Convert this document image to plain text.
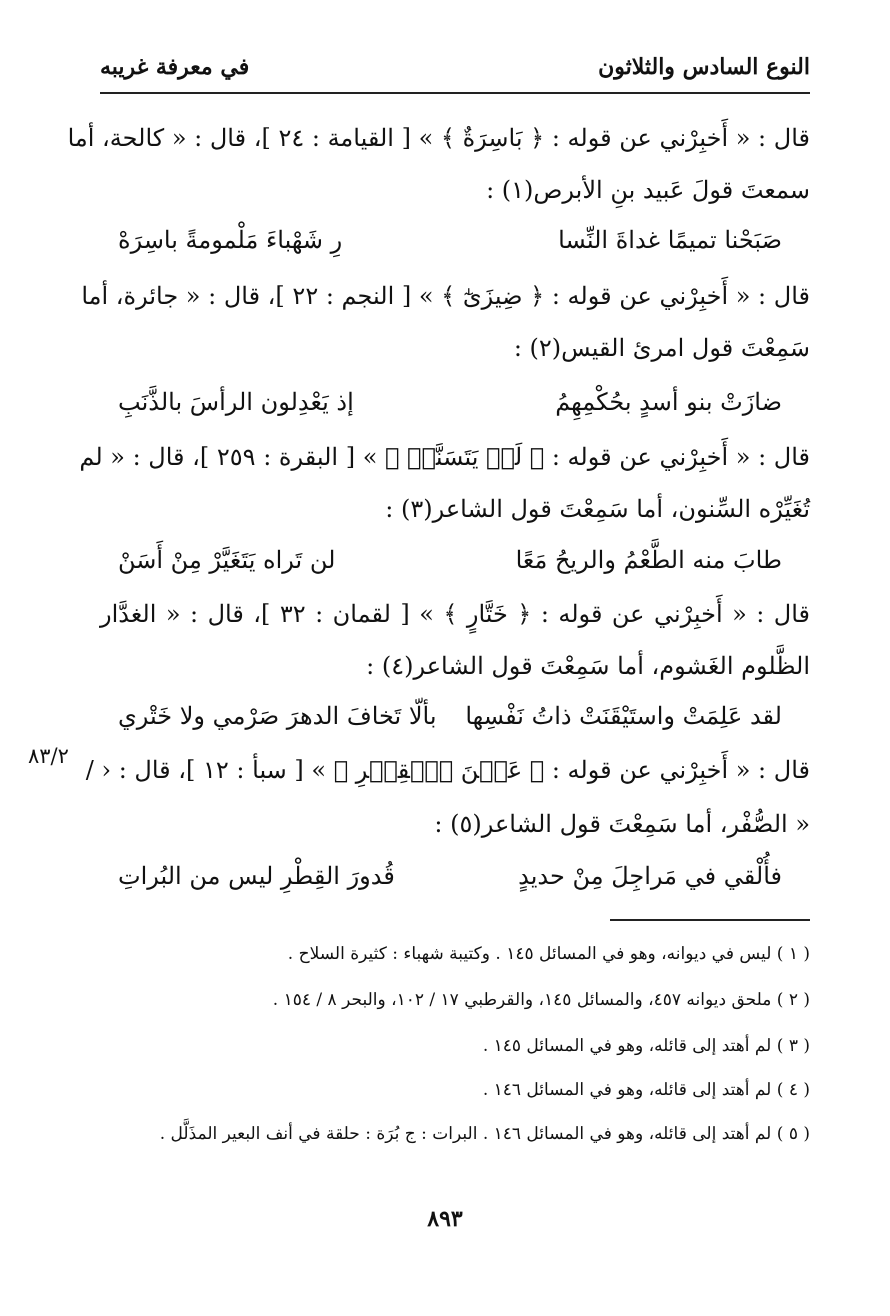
النوع السادس والثلاثون
في معرفة غريبه
قال : « أَخبِرْني عن قوله : ﴿ بَاسِرَةٌ ﴾ » [ القيامة : ٢٤ ]، قال : « كالحة، أما
سمعتَ قولَ عَبيد بنِ الأبرص(١) :
صَبَحْنا تميمًا غداةَ النِّسا
رِ شَهْباءَ مَلْمومةً باسِرَهْ
قال : « أَخبِرْني عن قوله : ﴿ ضِيزَىٰٓ ﴾ » [ النجم : ٢٢ ]، قال : « جائرة، أما
سَمِعْتَ قول امرئ القيس(٢) :
ضازَتْ بنو أسدٍ بحُكْمِهِمُ
إذ يَعْدِلون الرأسَ بالذَّنَبِ
قال : « أَخبِرْني عن قوله : ﴿ لَمۡ يَتَسَنَّهۡ ﴾ » [ البقرة : ٢٥٩ ]، قال : « لم
تُغَيِّرْه السِّنون، أما سَمِعْتَ قول الشاعر(٣) :
طابَ منه الطَّعْمُ والريحُ مَعًا
لن تَراه يَتَغَيَّرْ مِنْ أَسَنْ
قال : « أَخبِرْني عن قوله : ﴿ خَتَّارٍ ﴾ » [ لقمان : ٣٢ ]، قال : « الغدَّار
الظَّلوم الغَشوم، أما سَمِعْتَ قول الشاعر(٤) :
لقد عَلِمَتْ واستَيْقَنَتْ ذاتُ نَفْسِها
بألّا تَخافَ الدهرَ صَرْمي ولا خَتْري
قال : « أَخبِرْني عن قوله : ﴿ عَيۡنَ ٱلۡقِطۡرِ ﴾ » [ سبأ : ١٢ ]، قال : ‹ /
٨٣/٢
« الصُّفْر، أما سَمِعْتَ قول الشاعر(٥) :
فأُلْقي في مَراجِلَ مِنْ حديدٍ
قُدورَ القِطْرِ ليس من البُراتِ
( ١ ) ليس في ديوانه، وهو في المسائل ١٤٥ . وكتيبة شهباء : كثيرة السلاح .
( ٢ ) ملحق ديوانه ٤٥٧، والمسائل ١٤٥، والقرطبي ١٧ / ١٠٢، والبحر ٨ / ١٥٤ .
( ٣ ) لم أهتد إلى قائله، وهو في المسائل ١٤٥ .
( ٤ ) لم أهتد إلى قائله، وهو في المسائل ١٤٦ .
( ٥ ) لم أهتد إلى قائله، وهو في المسائل ١٤٦ . البرات : ج بُرَة : حلقة في أنف البعير المذَلَّل .
٨٩٣
